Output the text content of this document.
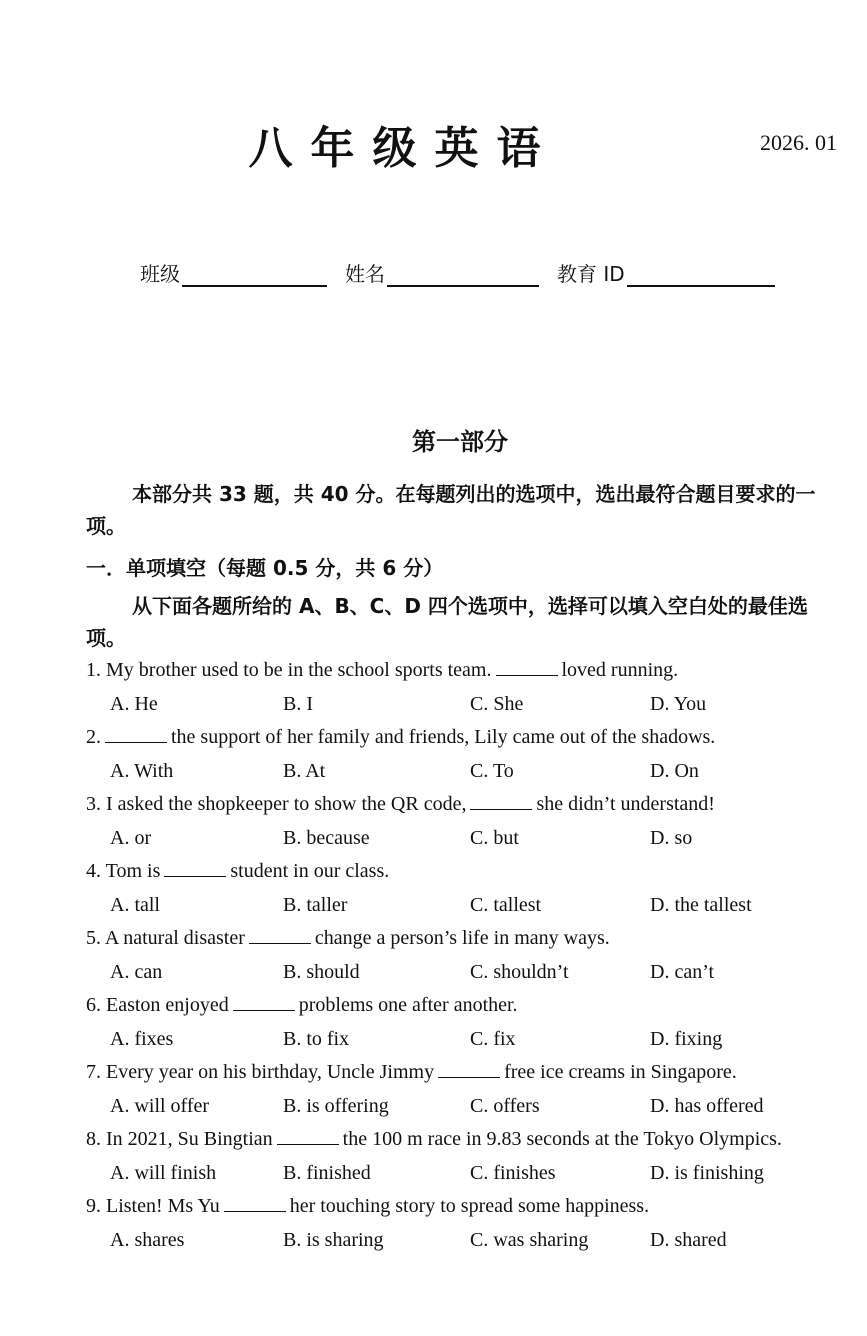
八年级英语	2026. 01
班级	姓名	教育 ID
第一部分
本部分共 33 题，共 40 分。在每题列出的选项中，选出最符合题目要求的一项。
一．单项填空（每题 0.5 分，共 6 分）
从下面各题所给的 A、B、C、D 四个选项中，选择可以填入空白处的最佳选项。
1. My brother used to be in the school sports team.	loved running.
A. He	B. I	C. She	D. You
2.	the support of her family and friends, Lily came out of the shadows.
A. With	B. At	C. To	D. On
3. I asked the shopkeeper to show the QR code,	she didn’t understand!
A. or	B. because	C. but	D. so
4. Tom is	student in our class.
A. tall	B. taller	C. tallest	D. the tallest
5. A natural disaster	change a person’s life in many ways.
A. can	B. should	C. shouldn’t	D. can’t
6. Easton enjoyed	problems one after another.
A. fixes	B. to fix	C. fix	D. fixing
7. Every year on his birthday, Uncle Jimmy	free ice creams in Singapore.
A. will offer	B. is offering	C. offers	D. has offered
8. In 2021, Su Bingtian	the 100 m race in 9.83 seconds at the Tokyo Olympics.
A. will finish	B. finished	C. finishes	D. is finishing
9. Listen! Ms Yu	her touching story to spread some happiness.
A. shares	B. is sharing	C. was sharing	D. shared
